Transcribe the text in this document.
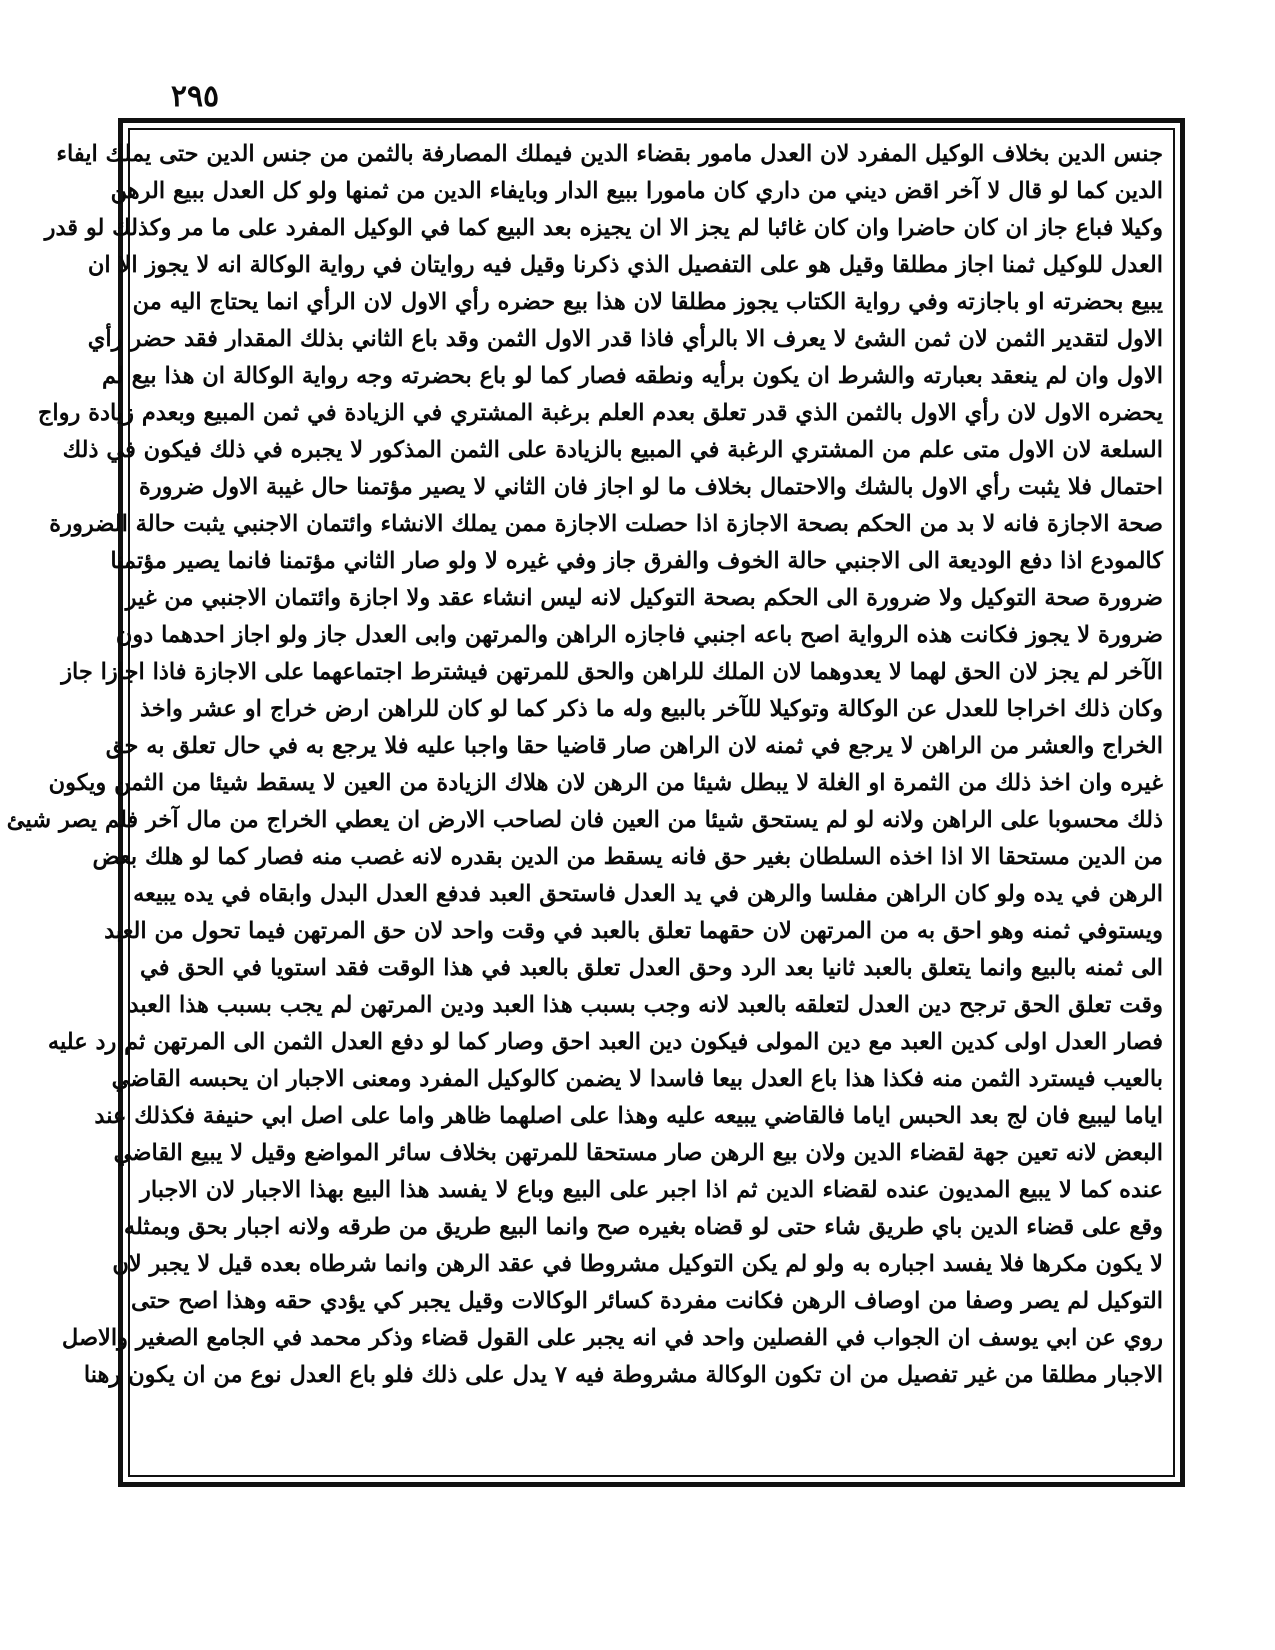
٢٩٥
جنس الدين بخلاف الوكيل المفرد لان العدل مامور بقضاء الدين فيملك المصارفة بالثمن من جنس الدين حتى يملك ايفاء
الدين كما لو قال لا آخر اقض ديني من داري كان مامورا ببيع الدار وبايفاء الدين من ثمنها ولو كل العدل ببيع الرهن
وكيلا فباع جاز ان كان حاضرا وان كان غائبا لم يجز الا ان يجيزه بعد البيع كما في الوكيل المفرد على ما مر وكذلك لو قدر
العدل للوكيل ثمنا اجاز مطلقا وقيل هو على التفصيل الذي ذكرنا وقيل فيه روايتان في رواية الوكالة انه لا يجوز الا ان
يبيع بحضرته او باجازته وفي رواية الكتاب يجوز مطلقا لان هذا بيع حضره رأي الاول لان الرأي انما يحتاج اليه من
الاول لتقدير الثمن لان ثمن الشئ لا يعرف الا بالرأي فاذا قدر الاول الثمن وقد باع الثاني بذلك المقدار فقد حضر رأي
الاول وان لم ينعقد بعبارته والشرط ان يكون برأيه ونطقه فصار كما لو باع بحضرته وجه رواية الوكالة ان هذا بيع لم
يحضره الاول لان رأي الاول بالثمن الذي قدر تعلق بعدم العلم برغبة المشتري في الزيادة في ثمن المبيع وبعدم زيادة رواج
السلعة لان الاول متى علم من المشتري الرغبة في المبيع بالزيادة على الثمن المذكور لا يجبره في ذلك فيكون في ذلك
احتمال فلا يثبت رأي الاول بالشك والاحتمال بخلاف ما لو اجاز فان الثاني لا يصير مؤتمنا حال غيبة الاول ضرورة
صحة الاجازة فانه لا بد من الحكم بصحة الاجازة اذا حصلت الاجازة ممن يملك الانشاء وائتمان الاجنبي يثبت حالة الضرورة
كالمودع اذا دفع الوديعة الى الاجنبي حالة الخوف والفرق جاز وفي غيره لا ولو صار الثاني مؤتمنا فانما يصير مؤتمنا
ضرورة صحة التوكيل ولا ضرورة الى الحكم بصحة التوكيل لانه ليس انشاء عقد ولا اجازة وائتمان الاجنبي من غير
ضرورة لا يجوز فكانت هذه الرواية اصح باعه اجنبي فاجازه الراهن والمرتهن وابى العدل جاز ولو اجاز احدهما دون
الآخر لم يجز لان الحق لهما لا يعدوهما لان الملك للراهن والحق للمرتهن فيشترط اجتماعهما على الاجازة فاذا اجازا جاز
وكان ذلك اخراجا للعدل عن الوكالة وتوكيلا للآخر بالبيع وله ما ذكر كما لو كان للراهن ارض خراج او عشر واخذ
الخراج والعشر من الراهن لا يرجع في ثمنه لان الراهن صار قاضيا حقا واجبا عليه فلا يرجع به في حال تعلق به حق
غيره وان اخذ ذلك من الثمرة او الغلة لا يبطل شيئا من الرهن لان هلاك الزيادة من العين لا يسقط شيئا من الثمن ويكون
ذلك محسوبا على الراهن ولانه لو لم يستحق شيئا من العين فان لصاحب الارض ان يعطي الخراج من مال آخر فلم يصر شيئ
من الدين مستحقا الا اذا اخذه السلطان بغير حق فانه يسقط من الدين بقدره لانه غصب منه فصار كما لو هلك بعض
الرهن في يده ولو كان الراهن مفلسا والرهن في يد العدل فاستحق العبد فدفع العدل البدل وابقاه في يده يبيعه
ويستوفي ثمنه وهو احق به من المرتهن لان حقهما تعلق بالعبد في وقت واحد لان حق المرتهن فيما تحول من العبد
الى ثمنه بالبيع وانما يتعلق بالعبد ثانيا بعد الرد وحق العدل تعلق بالعبد في هذا الوقت فقد استويا في الحق في
وقت تعلق الحق ترجح دين العدل لتعلقه بالعبد لانه وجب بسبب هذا العبد ودين المرتهن لم يجب بسبب هذا العبد
فصار العدل اولى كدين العبد مع دين المولى فيكون دين العبد احق وصار كما لو دفع العدل الثمن الى المرتهن ثم رد عليه
بالعيب فيسترد الثمن منه فكذا هذا باع العدل بيعا فاسدا لا يضمن كالوكيل المفرد ومعنى الاجبار ان يحبسه القاضي
اياما ليبيع فان لج بعد الحبس اياما فالقاضي يبيعه عليه وهذا على اصلهما ظاهر واما على اصل ابي حنيفة فكذلك عند
البعض لانه تعين جهة لقضاء الدين ولان بيع الرهن صار مستحقا للمرتهن بخلاف سائر المواضع وقيل لا يبيع القاضي
عنده كما لا يبيع المديون عنده لقضاء الدين ثم اذا اجبر على البيع وباع لا يفسد هذا البيع بهذا الاجبار لان الاجبار
وقع على قضاء الدين باي طريق شاء حتى لو قضاه بغيره صح وانما البيع طريق من طرقه ولانه اجبار بحق وبمثله
لا يكون مكرها فلا يفسد اجباره به ولو لم يكن التوكيل مشروطا في عقد الرهن وانما شرطاه بعده قيل لا يجبر لان
التوكيل لم يصر وصفا من اوصاف الرهن فكانت مفردة كسائر الوكالات وقيل يجبر كي يؤدي حقه وهذا اصح حتى
روي عن ابي يوسف ان الجواب في الفصلين واحد في انه يجبر على القول قضاء وذكر محمد في الجامع الصغير والاصل
الاجبار مطلقا من غير تفصيل من ان تكون الوكالة مشروطة فيه ٧ يدل على ذلك فلو باع العدل نوع من ان يكون رهنا
